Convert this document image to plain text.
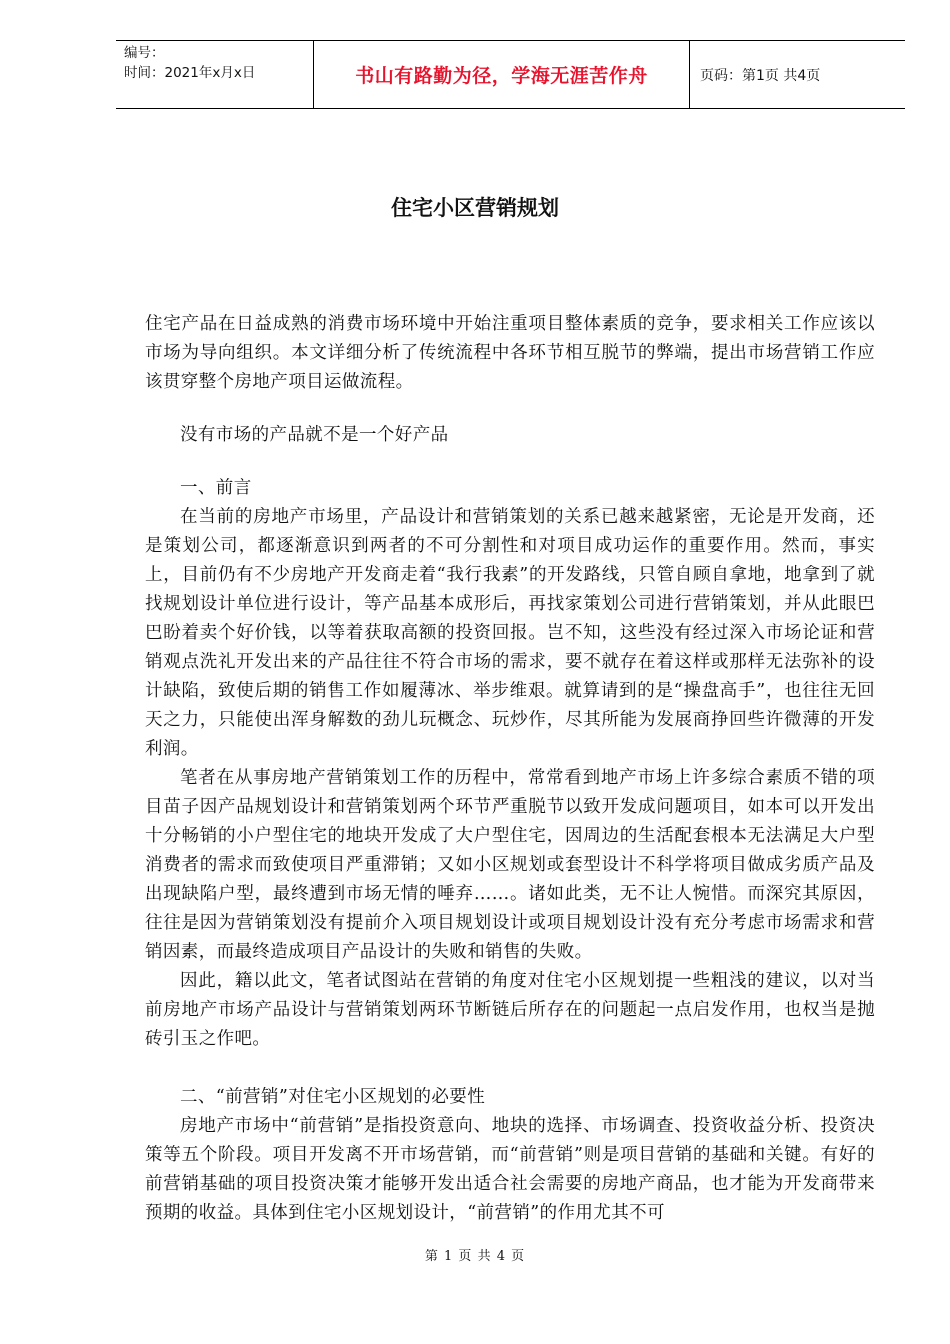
编号：
时间：2021年x月x日	书山有路勤为径，学海无涯苦作舟	页码：第1页 共4页
住宅小区营销规划

住宅产品在日益成熟的消费市场环境中开始注重项目整体素质的竞争，要求相关工作应该以市场为导向组织。本文详细分析了传统流程中各环节相互脱节的弊端，提出市场营销工作应该贯穿整个房地产项目运做流程。

没有市场的产品就不是一个好产品

一、前言

在当前的房地产市场里，产品设计和营销策划的关系已越来越紧密，无论是开发商，还是策划公司，都逐渐意识到两者的不可分割性和对项目成功运作的重要作用。然而，事实上，目前仍有不少房地产开发商走着“我行我素”的开发路线，只管自顾自拿地，地拿到了就找规划设计单位进行设计，等产品基本成形后，再找家策划公司进行营销策划，并从此眼巴巴盼着卖个好价钱，以等着获取高额的投资回报。岂不知，这些没有经过深入市场论证和营销观点洗礼开发出来的产品往往不符合市场的需求，要不就存在着这样或那样无法弥补的设计缺陷，致使后期的销售工作如履薄冰、举步维艰。就算请到的是“操盘高手”，也往往无回天之力，只能使出浑身解数的劲儿玩概念、玩炒作，尽其所能为发展商挣回些许微薄的开发利润。

笔者在从事房地产营销策划工作的历程中，常常看到地产市场上许多综合素质不错的项目苗子因产品规划设计和营销策划两个环节严重脱节以致开发成问题项目，如本可以开发出十分畅销的小户型住宅的地块开发成了大户型住宅，因周边的生活配套根本无法满足大户型消费者的需求而致使项目严重滞销；又如小区规划或套型设计不科学将项目做成劣质产品及出现缺陷户型，最终遭到市场无情的唾弃……。诸如此类，无不让人惋惜。而深究其原因，往往是因为营销策划没有提前介入项目规划设计或项目规划设计没有充分考虑市场需求和营销因素，而最终造成项目产品设计的失败和销售的失败。

因此，籍以此文，笔者试图站在营销的角度对住宅小区规划提一些粗浅的建议，以对当前房地产市场产品设计与营销策划两环节断链后所存在的问题起一点启发作用，也权当是抛砖引玉之作吧。

二、“前营销”对住宅小区规划的必要性

房地产市场中“前营销”是指投资意向、地块的选择、市场调查、投资收益分析、投资决策等五个阶段。项目开发离不开市场营销，而“前营销”则是项目营销的基础和关键。有好的前营销基础的项目投资决策才能够开发出适合社会需要的房地产商品，也才能为开发商带来预期的收益。具体到住宅小区规划设计，“前营销”的作用尤其不可

第 1 页 共 4 页
